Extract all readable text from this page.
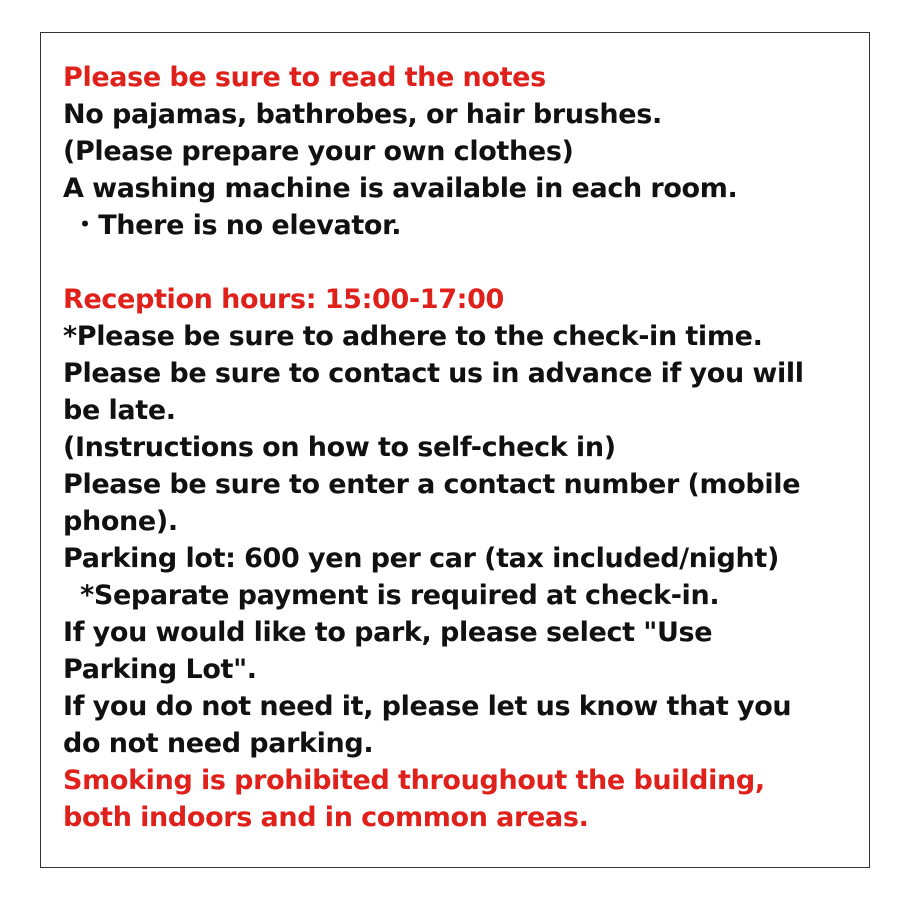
Please be sure to read the notes
No pajamas, bathrobes, or hair brushes.
(Please prepare your own clothes)
A washing machine is available in each room.
・There is no elevator.
Reception hours: 15:00-17:00
*Please be sure to adhere to the check-in time.
Please be sure to contact us in advance if you will
be late.
(Instructions on how to self-check in)
Please be sure to enter a contact number (mobile
phone).
Parking lot: 600 yen per car (tax included/night)
*Separate payment is required at check-in.
If you would like to park, please select "Use
Parking Lot".
If you do not need it, please let us know that you
do not need parking.
Smoking is prohibited throughout the building,
both indoors and in common areas.
